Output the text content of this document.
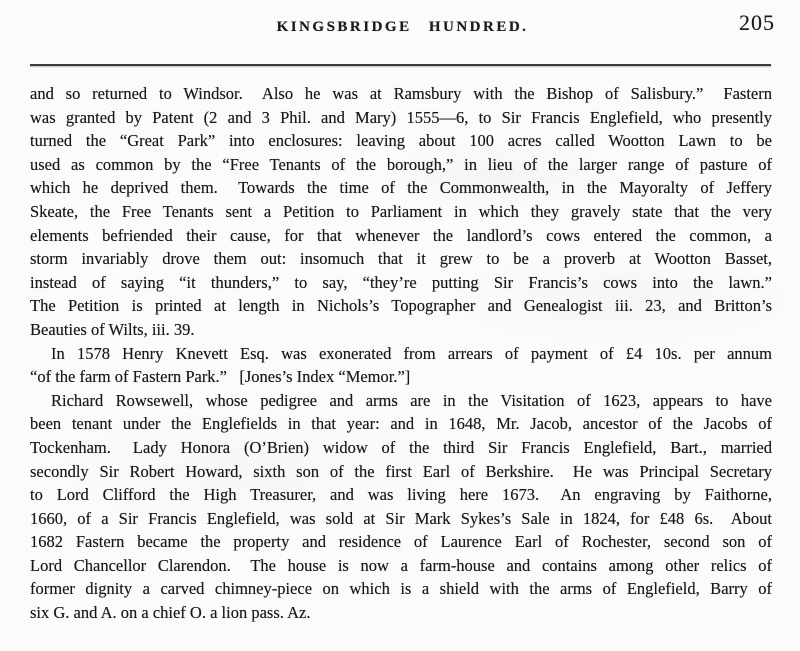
KINGSBRIDGE HUNDRED.	205
and so returned to Windsor.  Also he was at Ramsbury with the Bishop of Salisbury.”  Fastern
was granted by Patent (2 and 3 Phil. and Mary) 1555—6, to Sir Francis Englefield, who presently
turned the “Great Park” into enclosures: leaving about 100 acres called Wootton Lawn to be
used as common by the “Free Tenants of the borough,” in lieu of the larger range of pasture of
which he deprived them.  Towards the time of the Commonwealth, in the Mayoralty of Jeffery
Skeate, the Free Tenants sent a Petition to Parliament in which they gravely state that the very
elements befriended their cause, for that whenever the landlord’s cows entered the common, a
storm invariably drove them out: insomuch that it grew to be a proverb at Wootton Basset,
instead of saying “it thunders,” to say, “they’re putting Sir Francis’s cows into the lawn.”
The Petition is printed at length in Nichols’s Topographer and Genealogist iii. 23, and Britton’s
Beauties of Wilts, iii. 39.
In 1578 Henry Knevett Esq. was exonerated from arrears of payment of £4 10s. per annum
“of the farm of Fastern Park.”  [Jones’s Index “Memor.”]
Richard Rowsewell, whose pedigree and arms are in the Visitation of 1623, appears to have
been tenant under the Englefields in that year: and in 1648, Mr. Jacob, ancestor of the Jacobs of
Tockenham.  Lady Honora (O’Brien) widow of the third Sir Francis Englefield, Bart., married
secondly Sir Robert Howard, sixth son of the first Earl of Berkshire.  He was Principal Secretary
to Lord Clifford the High Treasurer, and was living here 1673.  An engraving by Faithorne,
1660, of a Sir Francis Englefield, was sold at Sir Mark Sykes’s Sale in 1824, for £48 6s.  About
1682 Fastern became the property and residence of Laurence Earl of Rochester, second son of
Lord Chancellor Clarendon.  The house is now a farm-house and contains among other relics of
former dignity a carved chimney-piece on which is a shield with the arms of Englefield, Barry of
six G. and A. on a chief O. a lion pass. Az.
